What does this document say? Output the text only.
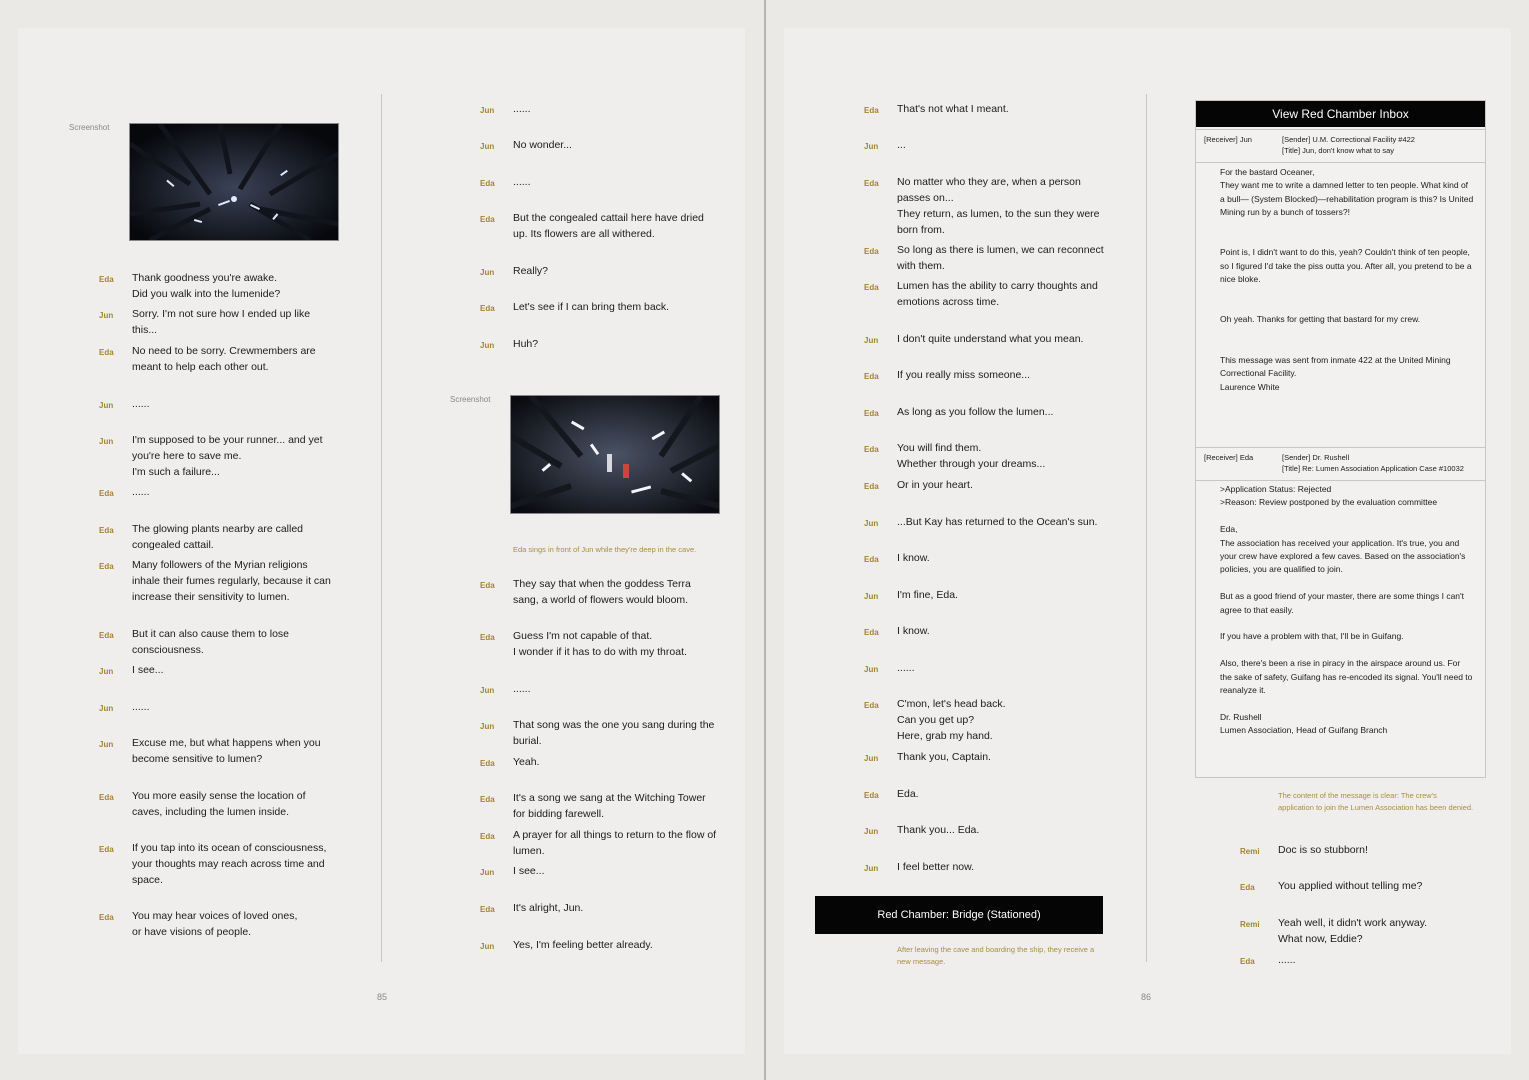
Screenshot
Screenshot
Eda sings in front of Jun while they're deep in the cave.
Red Chamber: Bridge (Stationed)
After leaving the cave and boarding the ship, they receive a new message.
The content of the message is clear: The crew's application to join the Lumen Association has been denied.
View Red Chamber Inbox
[Receiver] Jun	[Sender] U.M. Correctional Facility #422
[Title] Jun, don't know what to say
For the bastard Oceaner,
They want me to write a damned letter to ten people. What kind of a bull— (System Blocked)—rehabilitation program is this? Is United Mining run by a bunch of tossers?!

Point is, I didn't want to do this, yeah? Couldn't think of ten people, so I figured I'd take the piss outta you. After all, you pretend to be a nice bloke.

Oh yeah. Thanks for getting that bastard for my crew.

This message was sent from inmate 422 at the United Mining Correctional Facility.
Laurence White
[Receiver] Eda	[Sender] Dr. Rushell
[Title] Re: Lumen Association Application Case #10032
>Application Status: Rejected
>Reason: Review postponed by the evaluation committee

Eda,
The association has received your application. It's true, you and your crew have explored a few caves. Based on the association's policies, you are qualified to join.

But as a good friend of your master, there are some things I can't agree to that easily.

If you have a problem with that, I'll be in Guifang.

Also, there's been a rise in piracy in the airspace around us. For the sake of safety, Guifang has re-encoded its signal. You'll need to reanalyze it.

Dr. Rushell
Lumen Association, Head of Guifang Branch
85	86
Eda Thank goodness you're awake.
Did you walk into the lumenide?
Jun Sorry. I'm not sure how I ended up like this...
Eda No need to be sorry. Crewmembers are meant to help each other out.
Jun ......
Jun I'm supposed to be your runner... and yet you're here to save me.
I'm such a failure...
Eda ......
Eda The glowing plants nearby are called congealed cattail.
Eda Many followers of the Myrian religions inhale their fumes regularly, because it can increase their sensitivity to lumen.
Eda But it can also cause them to lose consciousness.
Jun I see...
Jun ......
Jun Excuse me, but what happens when you become sensitive to lumen?
Eda You more easily sense the location of caves, including the lumen inside.
Eda If you tap into its ocean of consciousness, your thoughts may reach across time and space.
Eda You may hear voices of loved ones,
or have visions of people.
Jun ......
Jun No wonder...
Eda ......
Eda But the congealed cattail here have dried up. Its flowers are all withered.
Jun Really?
Eda Let's see if I can bring them back.
Jun Huh?
Eda They say that when the goddess Terra sang, a world of flowers would bloom.
Eda Guess I'm not capable of that.
I wonder if it has to do with my throat.
Jun ......
Jun That song was the one you sang during the burial.
Eda Yeah.
Eda It's a song we sang at the Witching Tower for bidding farewell.
Eda A prayer for all things to return to the flow of lumen.
Jun I see...
Eda It's alright, Jun.
Jun Yes, I'm feeling better already.
Eda That's not what I meant.
Jun ...
Eda No matter who they are, when a person passes on...
They return, as lumen, to the sun they were born from.
Eda So long as there is lumen, we can reconnect with them.
Eda Lumen has the ability to carry thoughts and emotions across time.
Jun I don't quite understand what you mean.
Eda If you really miss someone...
Eda As long as you follow the lumen...
Eda You will find them.
Whether through your dreams...
Eda Or in your heart.
Jun ...But Kay has returned to the Ocean's sun.
Eda I know.
Jun I'm fine, Eda.
Eda I know.
Jun ......
Eda C'mon, let's head back.
Can you get up?
Here, grab my hand.
Jun Thank you, Captain.
Eda Eda.
Jun Thank you... Eda.
Jun I feel better now.
Remi Doc is so stubborn!
Eda You applied without telling me?
Remi Yeah well, it didn't work anyway.
What now, Eddie?
Eda ......
